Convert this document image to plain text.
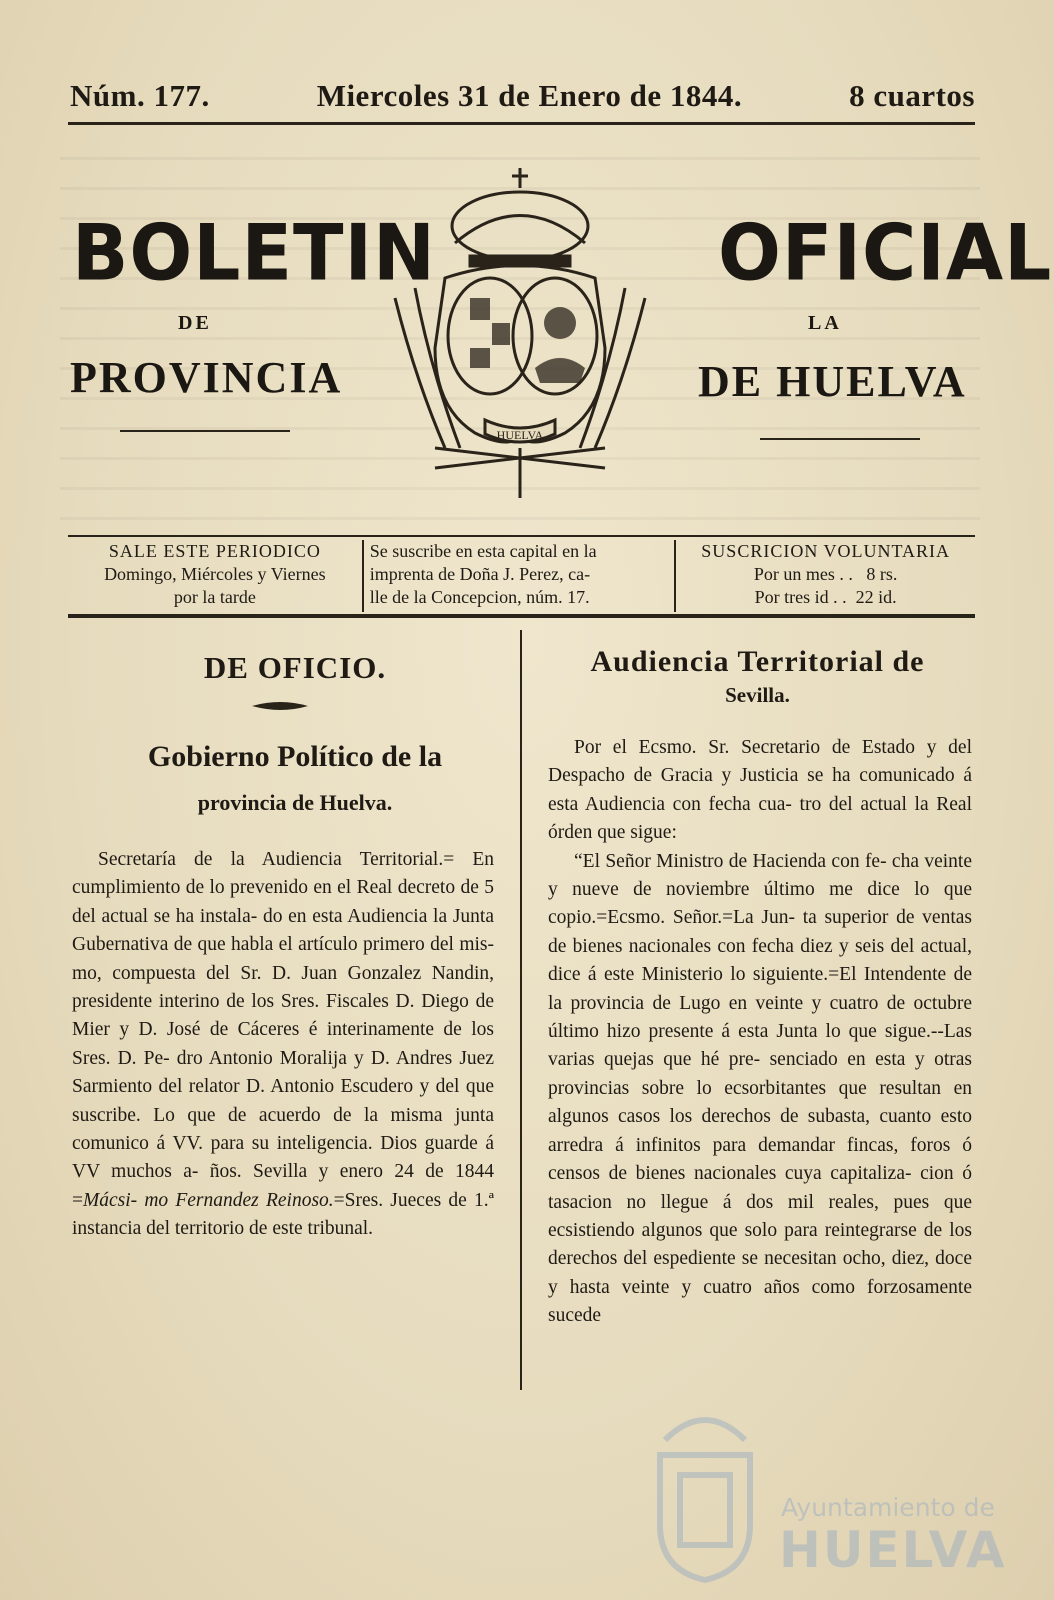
Núm. 177.	Miercoles 31 de Enero de 1844.	8 cuartos
BOLETIN	OFICIAL
DE	LA
PROVINCIA	DE HUELVA
HUELVA
SALE ESTE PERIODICO
Domingo, Miércoles y Viernes
por la tarde
Se suscribe en esta capital en la
imprenta de Doña J. Perez, ca-
lle de la Concepcion, núm. 17.
SUSCRICION VOLUNTARIA
Por un mes . .   8 rs.
Por tres id . .  22 id.
DE OFICIO.
Gobierno Político de la
provincia de Huelva.

Secretaría de la Audiencia Territorial.= En cumplimiento de lo prevenido en el Real decreto de 5 del actual se ha instala- do en esta Audiencia la Junta Gubernativa de que habla el artículo primero del mis- mo, compuesta del Sr. D. Juan Gonzalez Nandin, presidente interino de los Sres. Fiscales D. Diego de Mier y D. José de Cáceres é interinamente de los Sres. D. Pe- dro Antonio Moralija y D. Andres Juez Sarmiento del relator D. Antonio Escudero y del que suscribe. Lo que de acuerdo de la misma junta comunico á VV. para su inteligencia. Dios guarde á VV muchos a- ños. Sevilla y enero 24 de 1844 =Mácsi- mo Fernandez Reinoso.=Sres. Jueces de 1.ª instancia del territorio de este tribunal.

Audiencia Territorial de
Sevilla.

Por el Ecsmo. Sr. Secretario de Estado y del Despacho de Gracia y Justicia se ha comunicado á esta Audiencia con fecha cua- tro del actual la Real órden que sigue:

“El Señor Ministro de Hacienda con fe- cha veinte y nueve de noviembre último me dice lo que copio.=Ecsmo. Señor.=La Jun- ta superior de ventas de bienes nacionales con fecha diez y seis del actual, dice á este Ministerio lo siguiente.=El Intendente de la provincia de Lugo en veinte y cuatro de octubre último hizo presente á esta Junta lo que sigue.--Las varias quejas que hé pre- senciado en esta y otras provincias sobre lo ecsorbitantes que resultan en algunos casos los derechos de subasta, cuanto esto arredra á infinitos para demandar fincas, foros ó censos de bienes nacionales cuya capitaliza- cion ó tasacion no llegue á dos mil reales, pues que ecsistiendo algunos que solo para reintegrarse de los derechos del espediente se necesitan ocho, diez, doce y hasta veinte y cuatro años como forzosamente sucede

Ayuntamiento de
HUELVA
